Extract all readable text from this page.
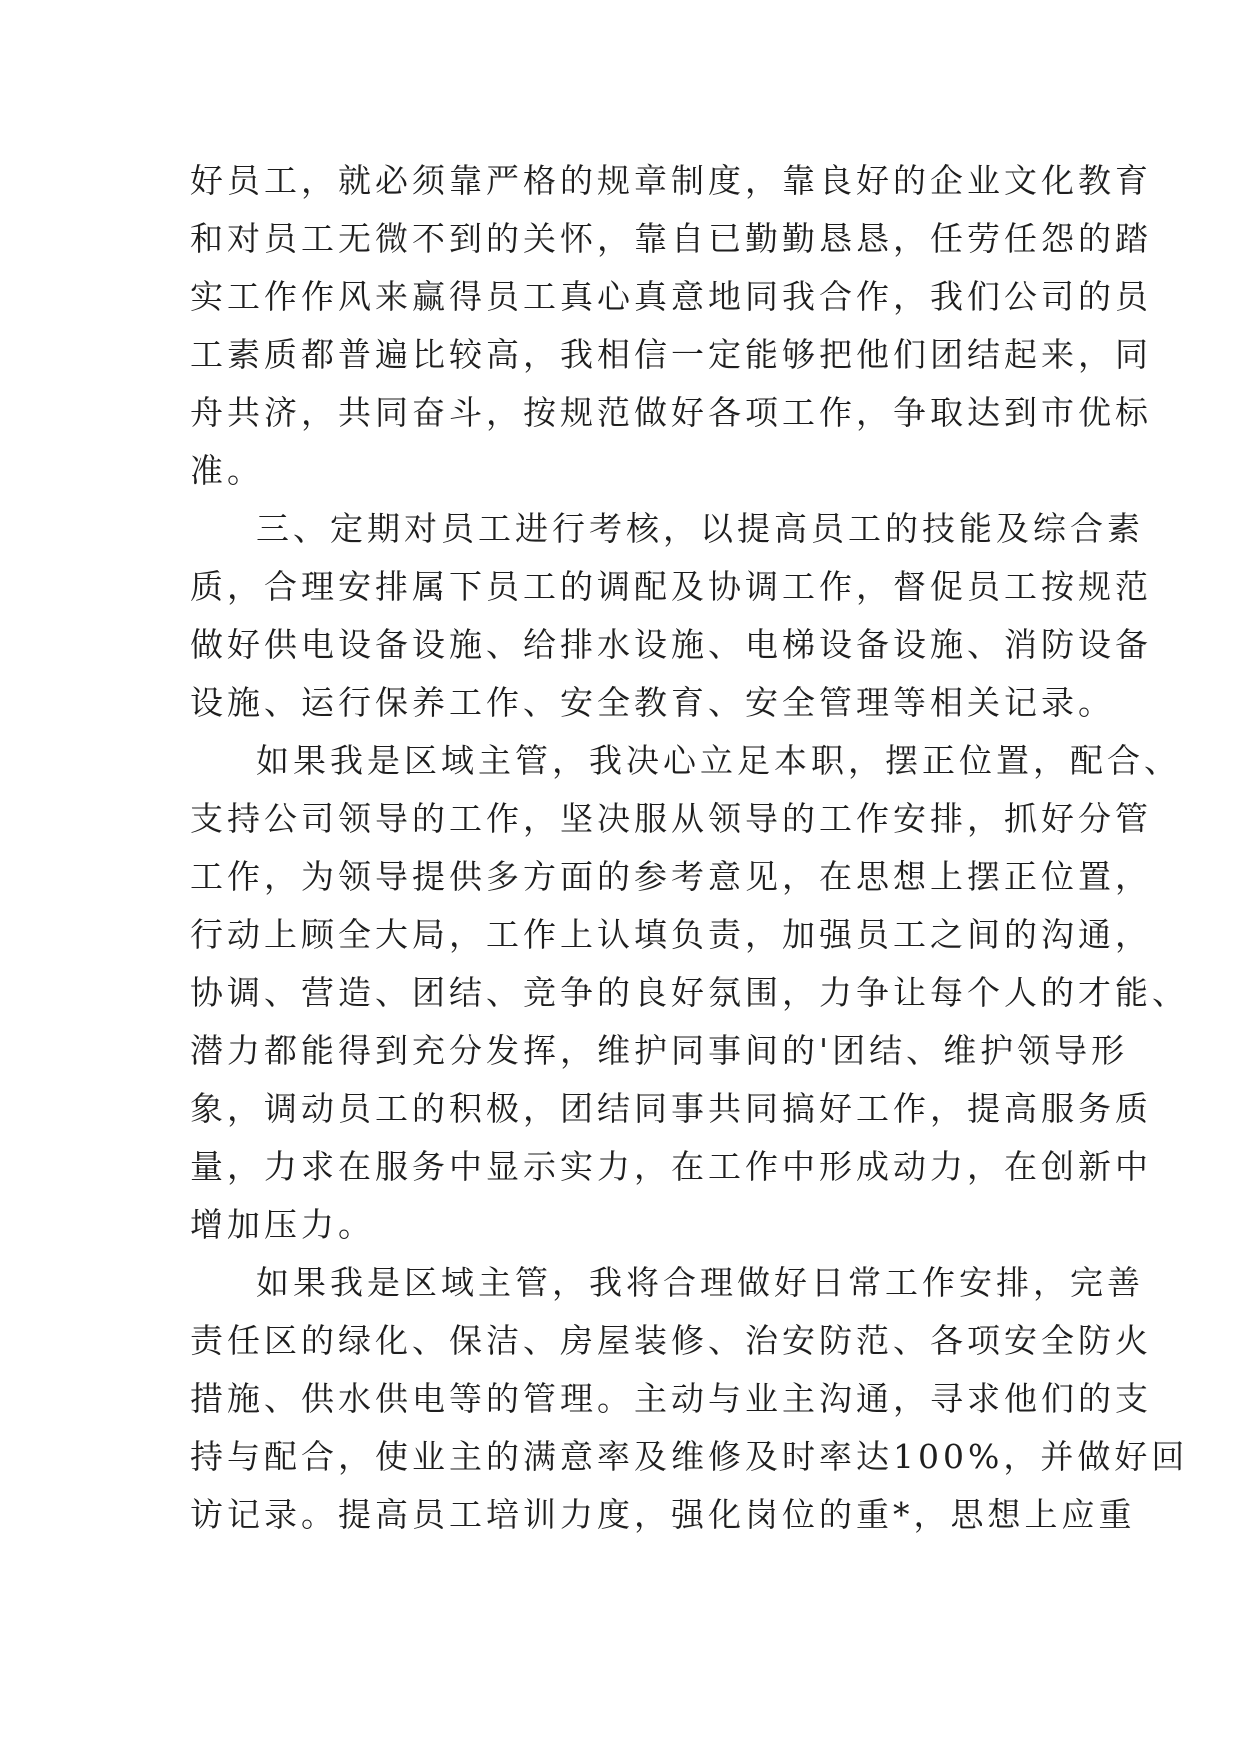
好员工，就必须靠严格的规章制度，靠良好的企业文化教育
和对员工无微不到的关怀，靠自已勤勤恳恳，任劳任怨的踏
实工作作风来赢得员工真心真意地同我合作，我们公司的员
工素质都普遍比较高，我相信一定能够把他们团结起来，同
舟共济，共同奋斗，按规范做好各项工作，争取达到市优标
准。
三、定期对员工进行考核，以提高员工的技能及综合素
质，合理安排属下员工的调配及协调工作，督促员工按规范
做好供电设备设施、给排水设施、电梯设备设施、消防设备
设施、运行保养工作、安全教育、安全管理等相关记录。
如果我是区域主管，我决心立足本职，摆正位置，配合、
支持公司领导的工作，坚决服从领导的工作安排，抓好分管
工作，为领导提供多方面的参考意见，在思想上摆正位置，
行动上顾全大局，工作上认填负责，加强员工之间的沟通，
协调、营造、团结、竞争的良好氛围，力争让每个人的才能、
潜力都能得到充分发挥，维护同事间的'团结、维护领导形
象，调动员工的积极，团结同事共同搞好工作，提高服务质
量，力求在服务中显示实力，在工作中形成动力，在创新中
增加压力。
如果我是区域主管，我将合理做好日常工作安排，完善
责任区的绿化、保洁、房屋装修、治安防范、各项安全防火
措施、供水供电等的管理。主动与业主沟通，寻求他们的支
持与配合，使业主的满意率及维修及时率达100%，并做好回
访记录。提高员工培训力度，强化岗位的重*，思想上应重
